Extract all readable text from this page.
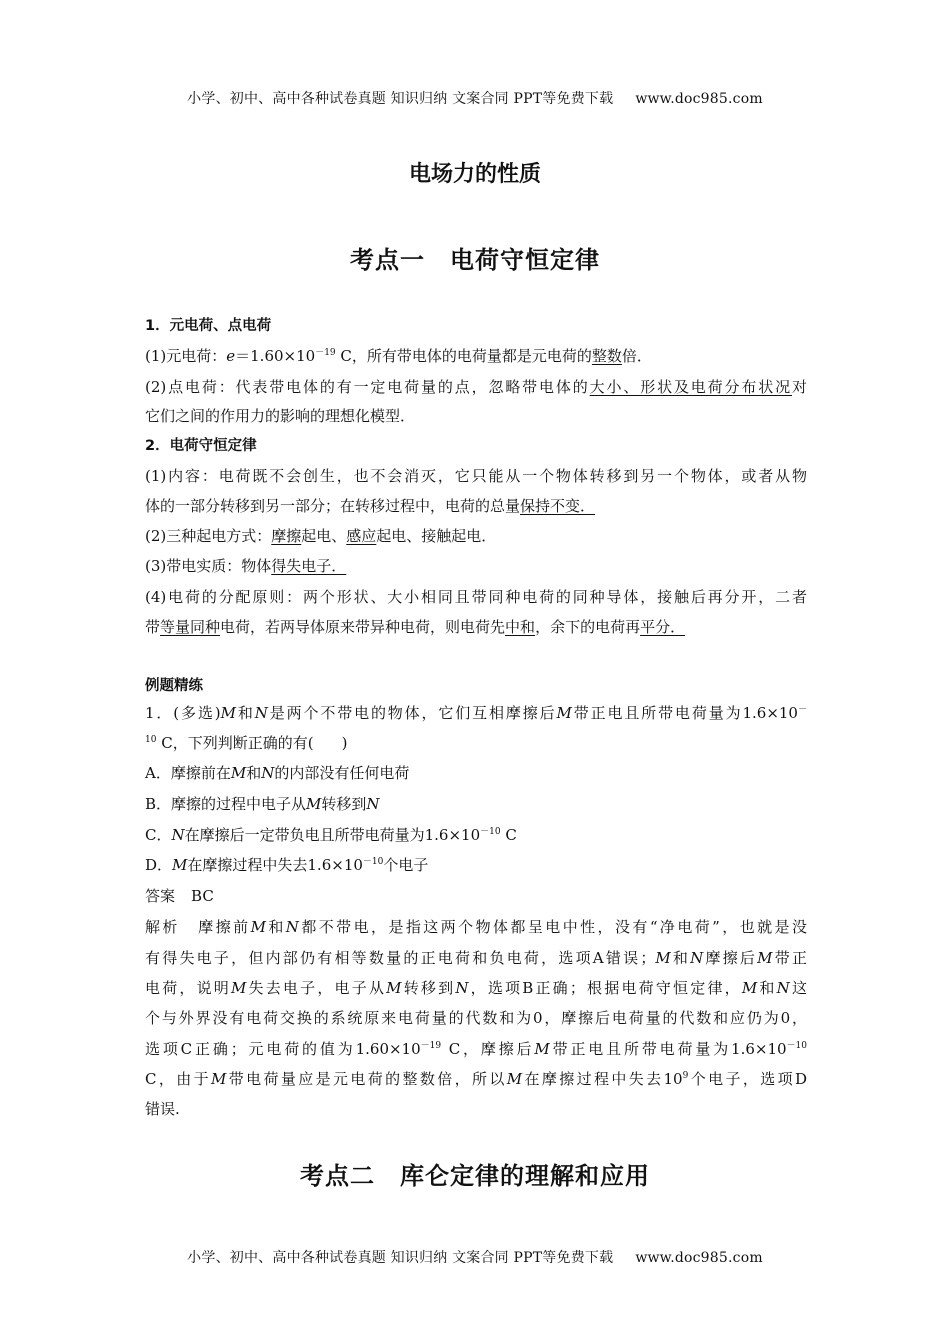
小学、初中、高中各种试卷真题 知识归纳 文案合同 PPT等免费下载 www.doc985.com
电场力的性质
考点一　电荷守恒定律
1．元电荷、点电荷
(1)元电荷：$e=1.60\times 10^{-19}$ C，所有带电体的电荷量都是元电荷的整数倍．
(2)点电荷：代表带电体的有一定电荷量的点，忽略带电体的大小、形状及电荷分布状况对
它们之间的作用力的影响的理想化模型．
2．电荷守恒定律
(1)内容：电荷既不会创生，也不会消灭，它只能从一个物体转移到另一个物体，或者从物
体的一部分转移到另一部分；在转移过程中，电荷的总量保持不变．
(2)三种起电方式：摩擦起电、感应起电、接触起电．
(3)带电实质：物体得失电子．
(4)电荷的分配原则：两个形状、大小相同且带同种电荷的同种导体，接触后再分开，二者
带等量同种电荷，若两导体原来带异种电荷，则电荷先中和，余下的电荷再平分．
例题精练
1．(多选)M和N是两个不带电的物体，它们互相摩擦后M带正电且所带电荷量为1.6×10－
$^{10}$ C，下列判断正确的有( )
A．摩擦前在M和N的内部没有任何电荷
B．摩擦的过程中电子从M转移到N
C．N在摩擦后一定带负电且所带电荷量为$1.6\times 10^{-10}$ C
D．M在摩擦过程中失去$1.6\times 10^{-10}$个电子
答案 BC
解析 摩擦前M和N都不带电，是指这两个物体都呈电中性，没有“净电荷”，也就是没
有得失电子，但内部仍有相等数量的正电荷和负电荷，选项A错误；M和N摩擦后M带正
电荷，说明M失去电子，电子从M转移到N，选项B正确；根据电荷守恒定律，M和N这
个与外界没有电荷交换的系统原来电荷量的代数和为0，摩擦后电荷量的代数和应仍为0，
选项C正确；元电荷的值为$1.60\times 10^{-19}$ C，摩擦后M带正电且所带电荷量为$1.6\times 10^{-10}$
C，由于M带电荷量应是元电荷的整数倍，所以M在摩擦过程中失去$10^9$个电子，选项D
错误.
考点二　库仑定律的理解和应用
小学、初中、高中各种试卷真题 知识归纳 文案合同 PPT等免费下载 www.doc985.com
